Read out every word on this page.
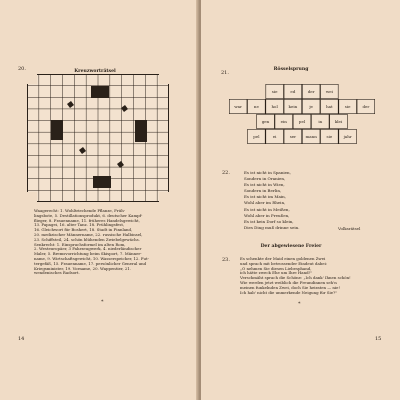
20.	Kreuzworträtsel
Waagerecht: 1. Wohltriechende Pflanze, Früh-
lingsbote, 5. Destillationsprodukt, 6. deutscher Kampf-
flieger, 8. Frauenname, 11. früheres Handelsgewicht,
13. Papagei, 16. alter Tanz. 18. Frühlingsfest,
16. Gleichwort für Boshert, 18. Stadt in Finnland,
20. medizischer Männername, 22. russische Halbinsel,
23. Schiffsteil, 24. schön blühenden Zwiebelgewächs.
Senkrecht: 1. Einspruchsformel im alten Rom,
2. Westeuropäer, 3 Fahrzeugwerk, 4. niederländischer
Maler, 5. Bremsvorrichtung beim Skisport, 7. Männer-
name, 9. Wirtschaftsgewicht, 10. Wasserspeicher, 12. Fut-
tergefäß, 15. Frauenname, 17. persönlicher General und
Kriegsminister, 19. Vorname, 20. Wappentier, 21.
wendenisches Radsort.
*
14
21.
Rösselsprung
sie	ed	der	wei
war	ne	hol	kein	je	hat	sie	der
gen	ein	pel	in	klei
pel	ei	ser mann sie	jahr
22.	Es ist nicht in Spanien,
Sondern in Oranien,
Es ist nicht in Wien,
Sondern in Berlin,
Es ist nicht im Main,
Wohl aber im Rhein,
Es ist nicht in Meißen,
Wohl aber in Preußen,
Es ist kein Dorf so klein,
Dies Ding muß drinne sein.	Volksrätsel
Der abgewiesene Freier
23.	Es schenkte der Maid einen goldenen Zwei
und sprach mit betrossender Eindeut dabei:
„O nehmen Sie diesen Liebesphand,
ich hätte zweck Ehe um Ihre Hand!"
Verschmäht sprach die Schöne: „Ich dank' Ihnen schön!
Wie werden jetzt weiblich die Freundinnen seh'n
meinen funkelnden Zwei, doch Sie heiraten — nie!
Ich hab' nicht die unmerkende Neigung für Sie?"
*
15
